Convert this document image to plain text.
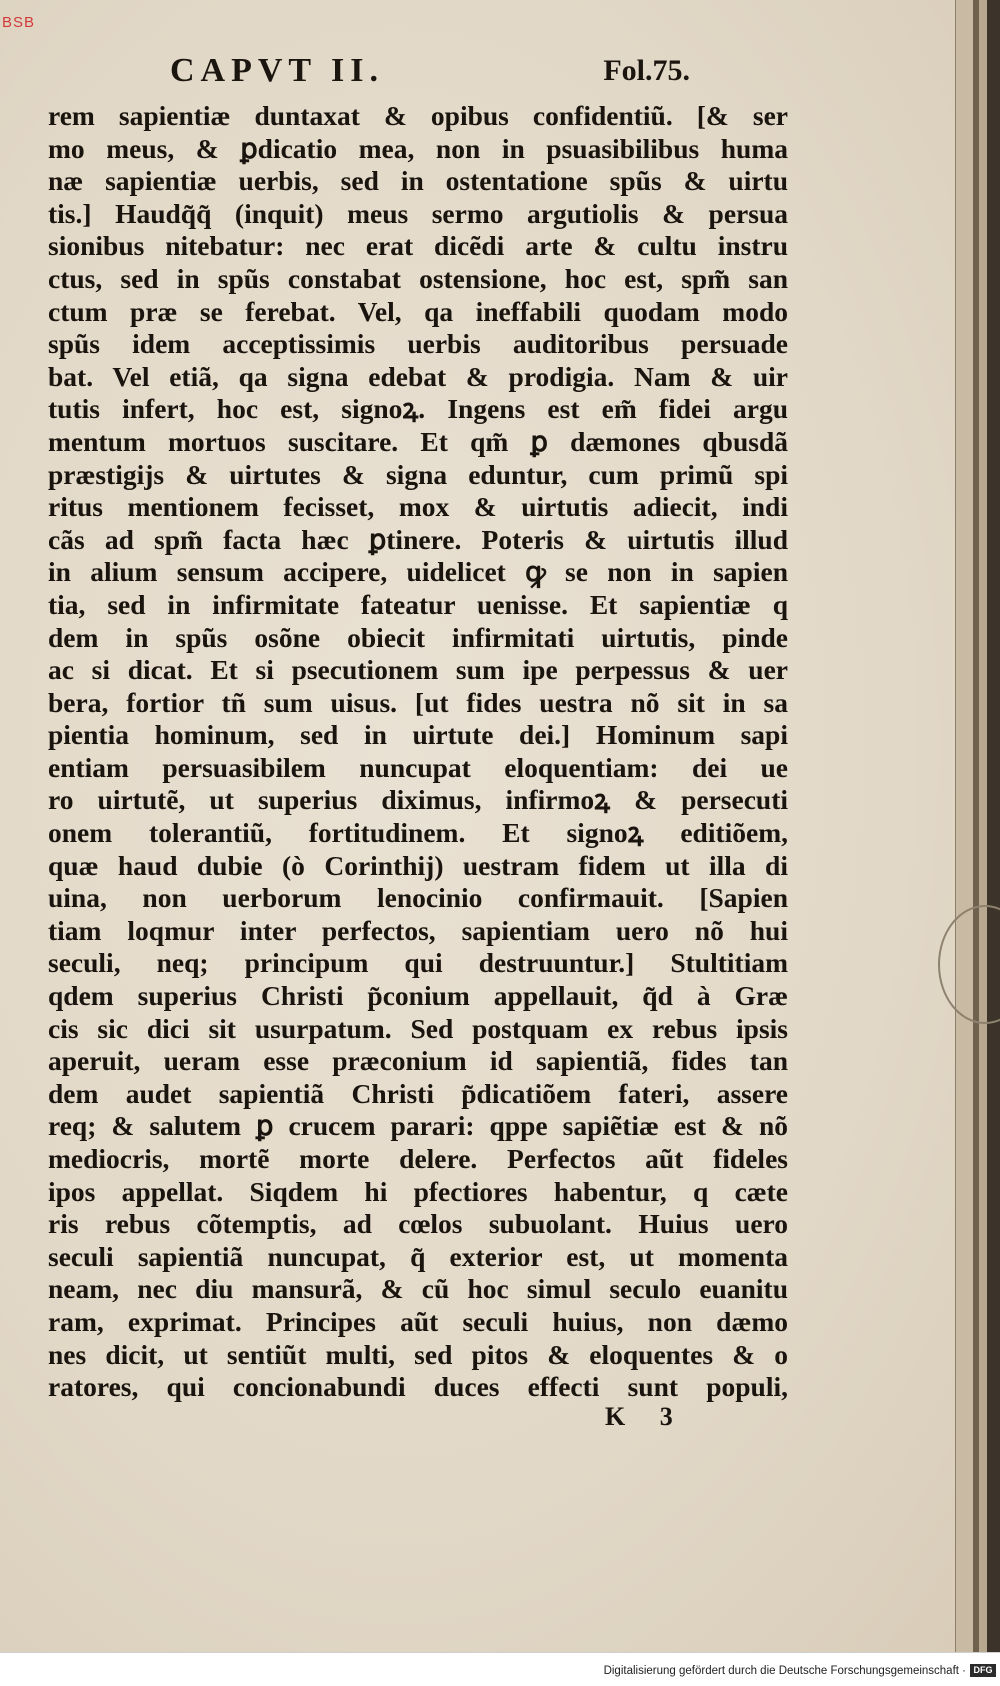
BSB
CAPVT II.	Fol.75.
rem sapientiæ duntaxat & opibus confidentiũ. [& ser
mo meus, & ꝑdicatio mea, non in psuasibilibus huma
næ sapientiæ uerbis, sed in ostentatione spũs & uirtu
tis.] Haudq̃q̃ (inquit) meus sermo argutiolis & persua
sionibus nitebatur: nec erat dicẽdi arte & cultu instru
ctus, sed in spũs constabat ostensione, hoc est, spm̃ san
ctum præ se ferebat. Vel, qa ineffabili quodam modo
spũs idem acceptissimis uerbis auditoribus persuade
bat. Vel etiã, qa signa edebat & prodigia. Nam & uir
tutis infert, hoc est, signoꝝ. Ingens est em̃ fidei argu
mentum mortuos suscitare. Et qm̃ ꝑ dæmones qbusdã
præstigijs & uirtutes & signa eduntur, cum primũ spi
ritus mentionem fecisset, mox & uirtutis adiecit, indi
cãs ad spm̃ facta hæc ꝑtinere. Poteris & uirtutis illud
in alium sensum accipere, uidelicet ꝙ se non in sapien
tia, sed in infirmitate fateatur uenisse. Et sapientiæ q
dem in spũs osõne obiecit infirmitati uirtutis, pinde
ac si dicat. Et si psecutionem sum ipe perpessus & uer
bera, fortior tñ sum uisus. [ut fides uestra nõ sit in sa
pientia hominum, sed in uirtute dei.] Hominum sapi
entiam persuasibilem nuncupat eloquentiam: dei ue
ro uirtutẽ, ut superius diximus, infirmoꝝ & persecuti
onem tolerantiũ, fortitudinem. Et signoꝝ editiõem,
quæ haud dubie (ò Corinthij) uestram fidem ut illa di
uina, non uerborum lenocinio confirmauit. [Sapien
tiam loqmur inter perfectos, sapientiam uero nõ hui
seculi, neq; principum qui destruuntur.] Stultitiam
qdem superius Christi p̃conium appellauit, q̃d à Græ
cis sic dici sit usurpatum. Sed postquam ex rebus ipsis
aperuit, ueram esse præconium id sapientiã, fides tan
dem audet sapientiã Christi p̃dicatiõem fateri, assere
req; & salutem ꝑ crucem parari: qppe sapiẽtiæ est & nõ
mediocris, mortẽ morte delere. Perfectos aũt fideles
ipos appellat. Siqdem hi pfectiores habentur, q cæte
ris rebus cõtemptis, ad cœlos subuolant. Huius uero
seculi sapientiã nuncupat, q̃ exterior est, ut momenta
neam, nec diu mansurã, & cũ hoc simul seculo euanitu
ram, exprimat. Principes aũt seculi huius, non dæmo
nes dicit, ut sentiũt multi, sed pitos & eloquentes & o
ratores, qui concionabundi duces effecti sunt populi,
K 3
Digitalisierung gefördert durch die Deutsche Forschungsgemeinschaft · DFG
